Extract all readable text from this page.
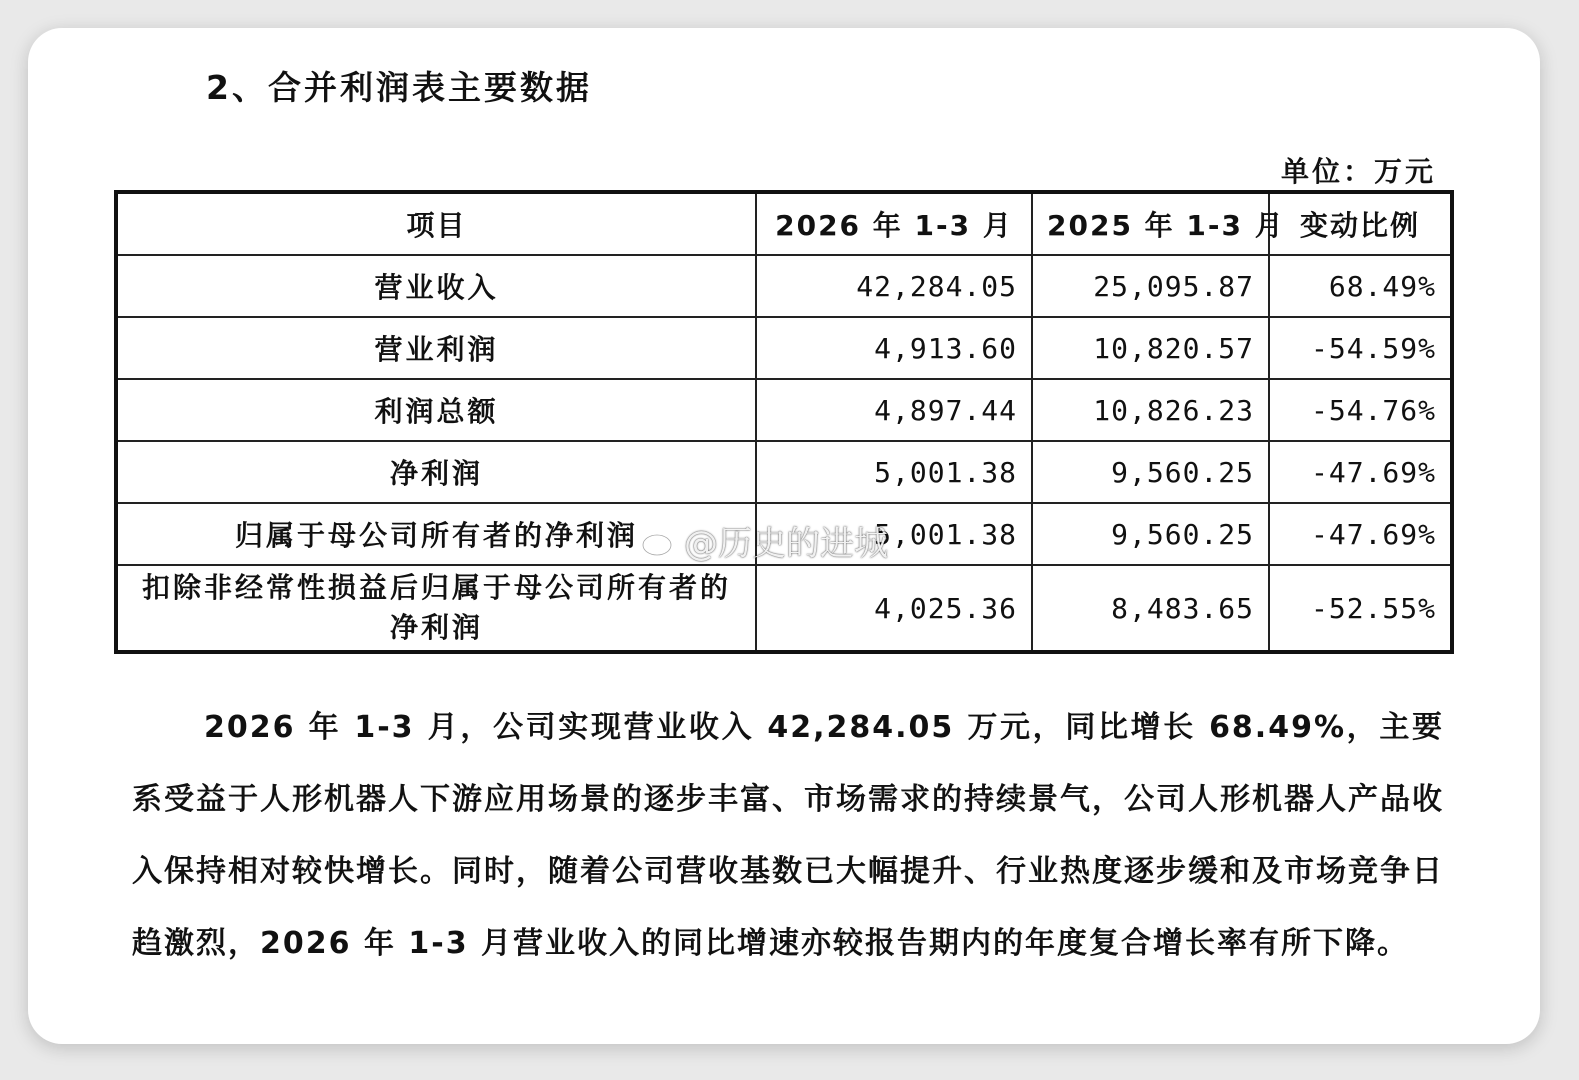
2、合并利润表主要数据
单位：万元
项目	2026 年 1-3 月	2025 年 1-3 月	变动比例
营业收入	42,284.05	25,095.87	68.49%
营业利润	4,913.60	10,820.57	-54.59%
利润总额	4,897.44	10,826.23	-54.76%
净利润	5,001.38	9,560.25	-47.69%
归属于母公司所有者的净利润	5,001.38	9,560.25	-47.69%
扣除非经常性损益后归属于母公司所有者的净利润	4,025.36	8,483.65	-52.55%
@历史的进城

2026 年 1-3 月，公司实现营业收入 42,284.05 万元，同比增长 68.49%，主要系受益于人形机器人下游应用场景的逐步丰富、市场需求的持续景气，公司人形机器人产品收入保持相对较快增长。同时，随着公司营收基数已大幅提升、行业热度逐步缓和及市场竞争日趋激烈，2026 年 1-3 月营业收入的同比增速亦较报告期内的年度复合增长率有所下降。
